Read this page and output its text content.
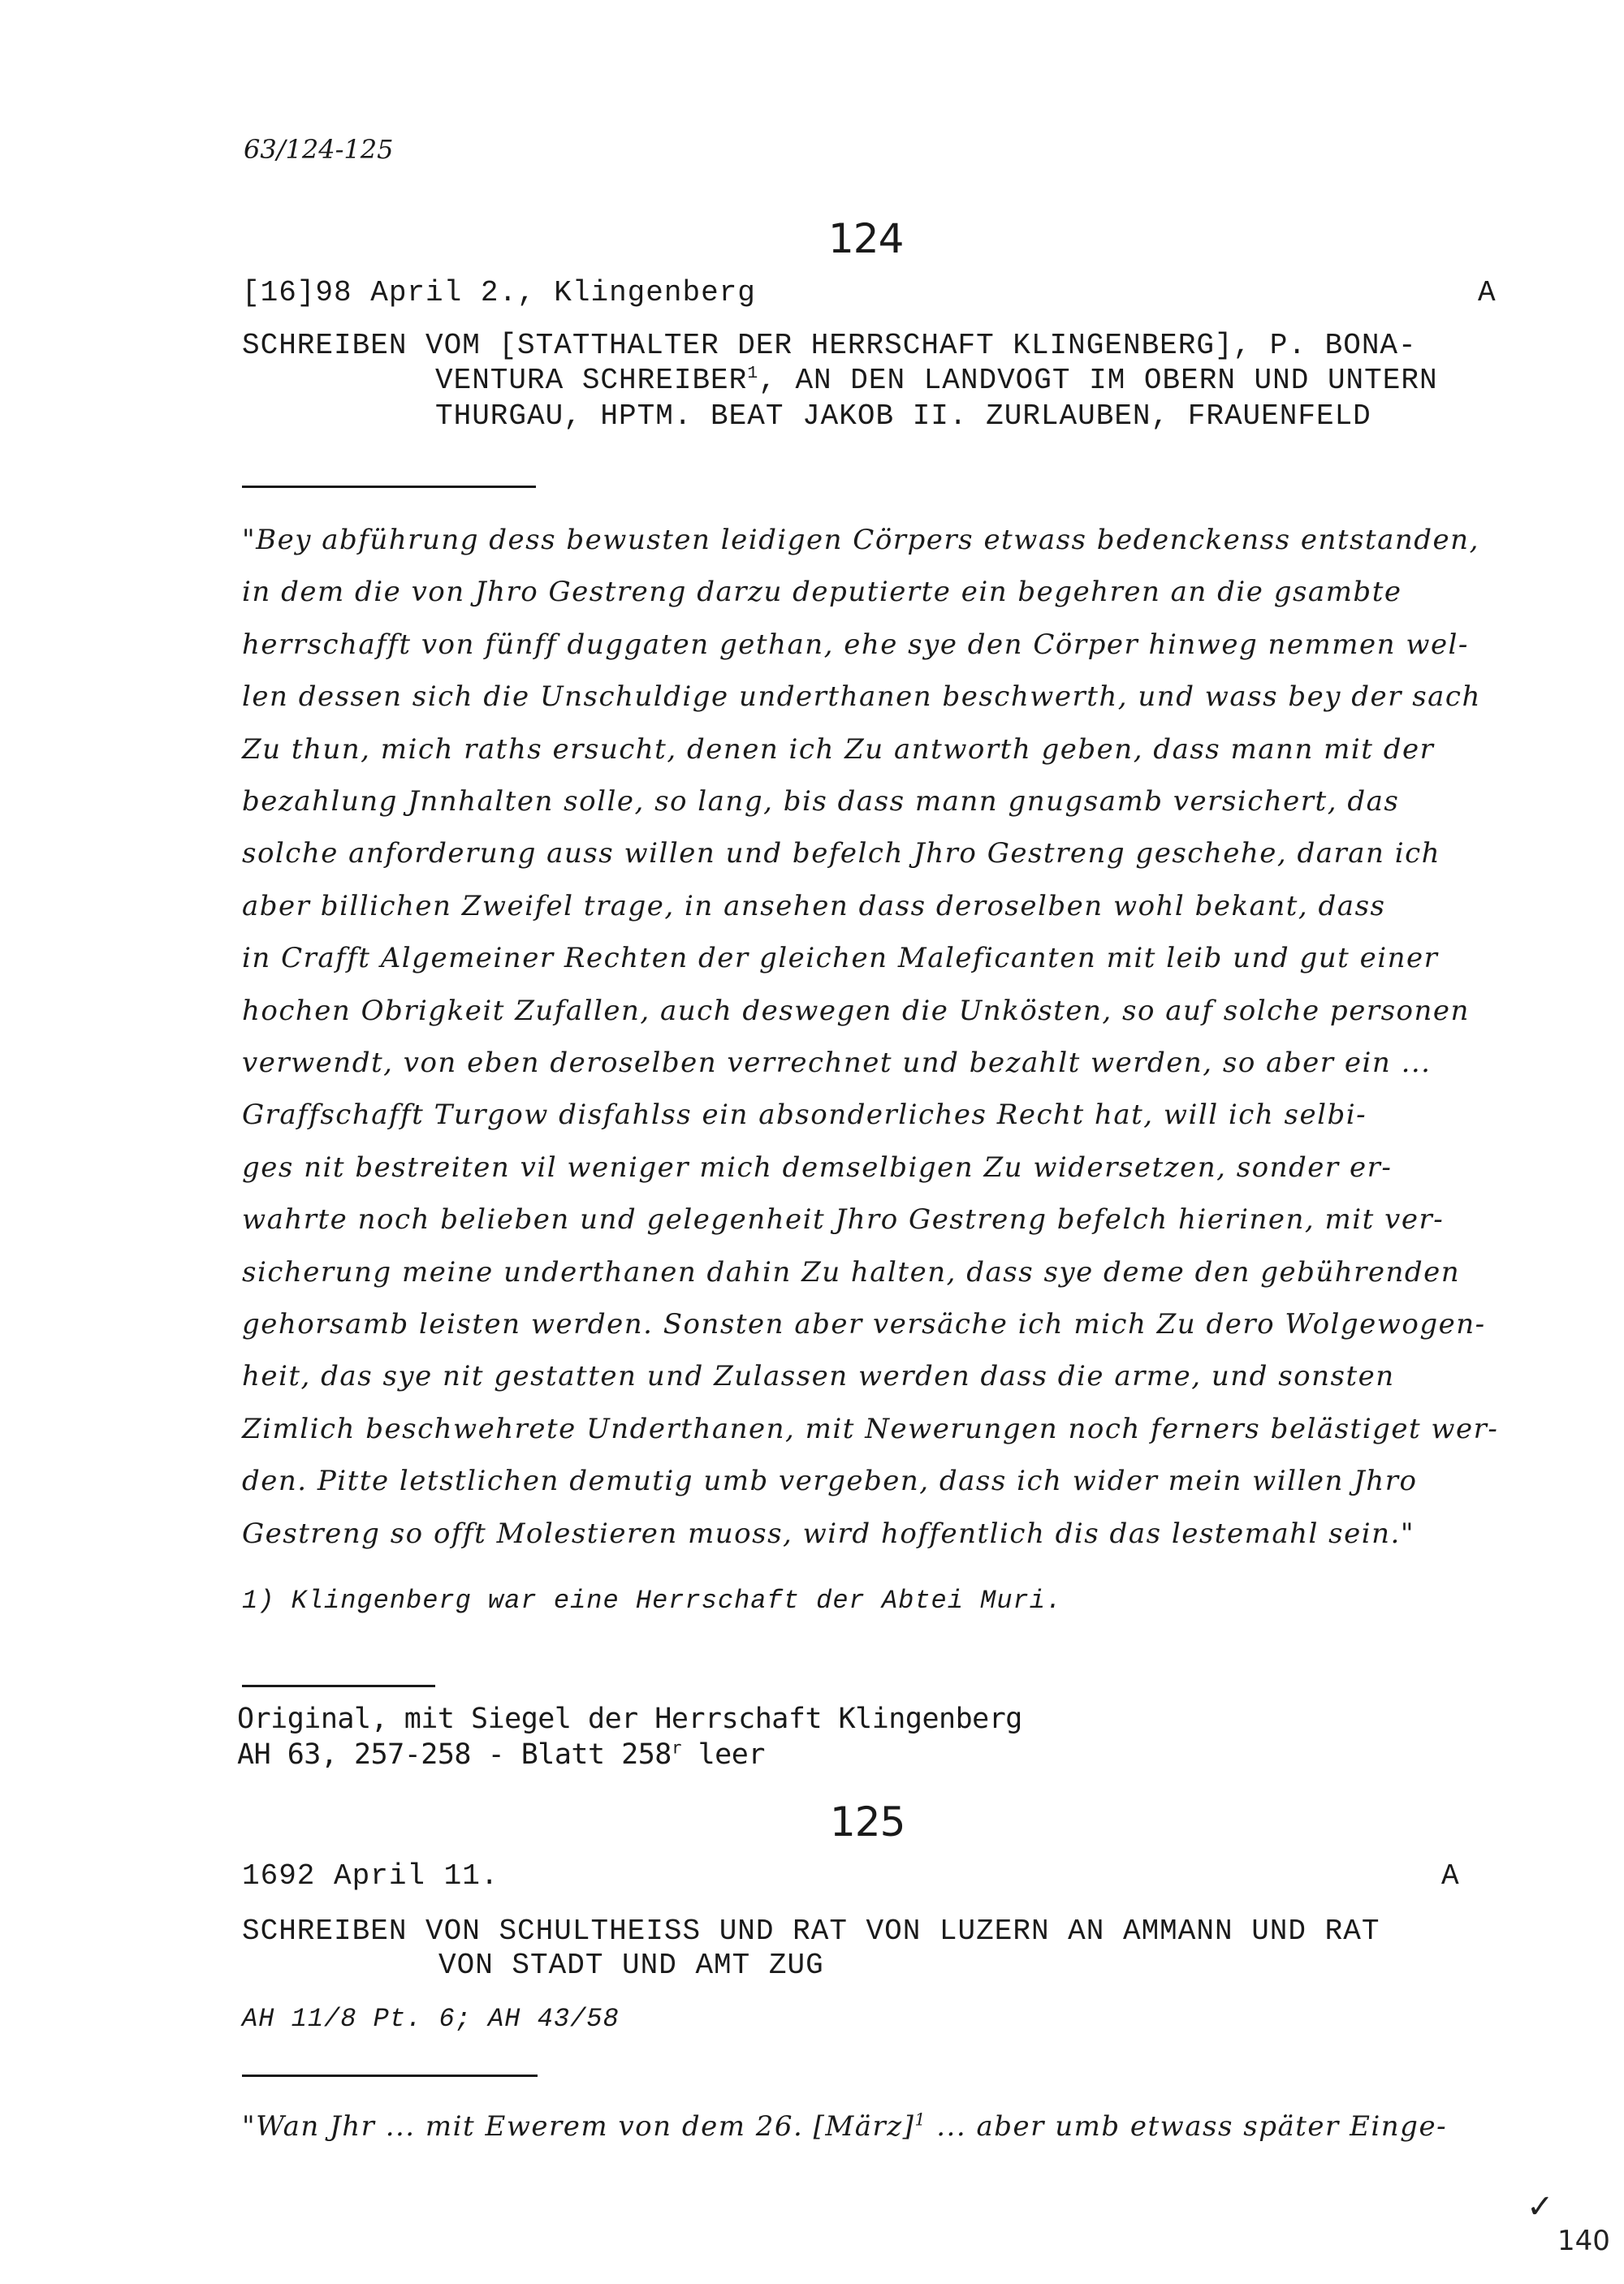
63/124-125
124
[16]98 April 2., Klingenberg	A
SCHREIBEN VOM [STATTHALTER DER HERRSCHAFT KLINGENBERG], P. BONA-
VENTURA SCHREIBER$^1$, AN DEN LANDVOGT IM OBERN UND UNTERN
THURGAU, HPTM. BEAT JAKOB II. ZURLAUBEN, FRAUENFELD
"Bey abführung dess bewusten leidigen Cörpers etwass bedenckenss entstanden,
in dem die von Jhro Gestreng darzu deputierte ein begehren an die gsambte
herrschafft von fünff duggaten gethan, ehe sye den Cörper hinweg nemmen wel-
len dessen sich die Unschuldige underthanen beschwerth, und wass bey der sach
Zu thun, mich raths ersucht, denen ich Zu antworth geben, dass mann mit der
bezahlung Jnnhalten solle, so lang, bis dass mann gnugsamb versichert, das
solche anforderung auss willen und befelch Jhro Gestreng geschehe, daran ich
aber billichen Zweifel trage, in ansehen dass deroselben wohl bekant, dass
in Crafft Algemeiner Rechten der gleichen Maleficanten mit leib und gut einer
hochen Obrigkeit Zufallen, auch deswegen die Unkösten, so auf solche personen
verwendt, von eben deroselben verrechnet und bezahlt werden, so aber ein ...
Graffschafft Turgow disfahlss ein absonderliches Recht hat, will ich selbi-
ges nit bestreiten vil weniger mich demselbigen Zu widersetzen, sonder er-
wahrte noch belieben und gelegenheit Jhro Gestreng befelch hierinen, mit ver-
sicherung meine underthanen dahin Zu halten, dass sye deme den gebührenden
gehorsamb leisten werden. Sonsten aber versäche ich mich Zu dero Wolgewogen-
heit, das sye nit gestatten und Zulassen werden dass die arme, und sonsten
Zimlich beschwehrete Underthanen, mit Newerungen noch ferners belästiget wer-
den. Pitte letstlichen demutig umb vergeben, dass ich wider mein willen Jhro
Gestreng so offt Molestieren muoss, wird hoffentlich dis das lestemahl sein."
1) Klingenberg war eine Herrschaft der Abtei Muri.
Original, mit Siegel der Herrschaft Klingenberg
AH 63, 257-258 - Blatt 258$^r$ leer
125
1692 April 11.	A
SCHREIBEN VON SCHULTHEISS UND RAT VON LUZERN AN AMMANN UND RAT
VON STADT UND AMT ZUG
AH 11/8 Pt. 6; AH 43/58
"Wan Jhr ... mit Ewerem von dem 26. [März]$^1$ ... aber umb etwass später Einge-
✓
140
